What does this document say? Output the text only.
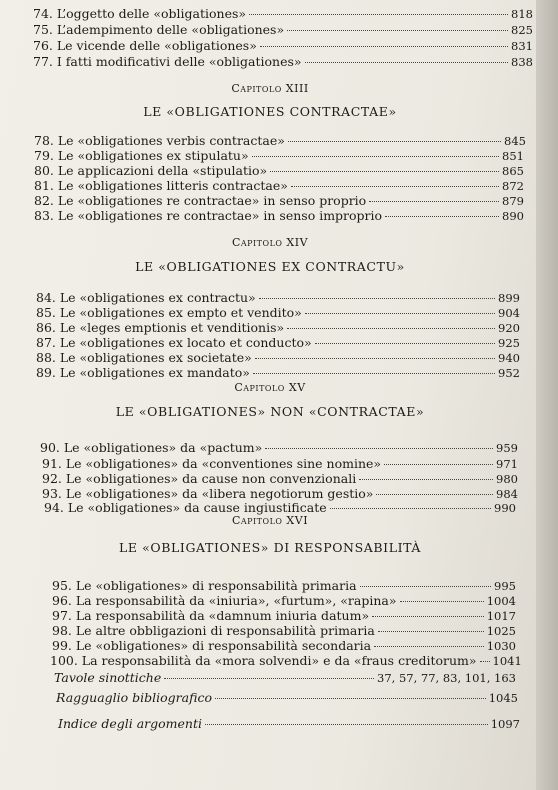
74. L’oggetto delle «obligationes»	818
75. L’adempimento delle «obligationes»	825
76. Le vicende delle «obligationes»	831
77. I fatti modificativi delle «obligationes»	838
Capitolo XIII
LE «OBLIGATIONES CONTRACTAE»
78. Le «obligationes verbis contractae»	845
79. Le «obligationes ex stipulatu»	851
80. Le applicazioni della «stipulatio»	865
81. Le «obligationes litteris contractae»	872
82. Le «obligationes re contractae» in senso proprio	879
83. Le «obligationes re contractae» in senso improprio	890
Capitolo XIV
LE «OBLIGATIONES EX CONTRACTU»
84. Le «obligationes ex contractu»	899
85. Le «obligationes ex empto et vendito»	904
86. Le «leges emptionis et venditionis»	920
87. Le «obligationes ex locato et conducto»	925
88. Le «obligationes ex societate»	940
89. Le «obligationes ex mandato»	952
Capitolo XV
LE «OBLIGATIONES» NON «CONTRACTAE»
90. Le «obligationes» da «pactum»	959
91. Le «obligationes» da «conventiones sine nomine»	971
92. Le «obligationes» da cause non convenzionali	980
93. Le «obligationes» da «libera negotiorum gestio»	984
94. Le «obligationes» da cause ingiustificate	990
Capitolo XVI
LE «OBLIGATIONES» DI RESPONSABILITÀ
95. Le «obligationes» di responsabilità primaria	995
96. La responsabilità da «iniuria», «furtum», «rapina»	1004
97. La responsabilità da «damnum iniuria datum»	1017
98. Le altre obbligazioni di responsabilità primaria	1025
99. Le «obligationes» di responsabilità secondaria	1030
100. La responsabilità da «mora solvendi» e da «fraus creditorum» 1041
Tavole sinottiche	37, 57, 77, 83, 101, 163
Ragguaglio bibliografico	1045
Indice degli argomenti	1097
